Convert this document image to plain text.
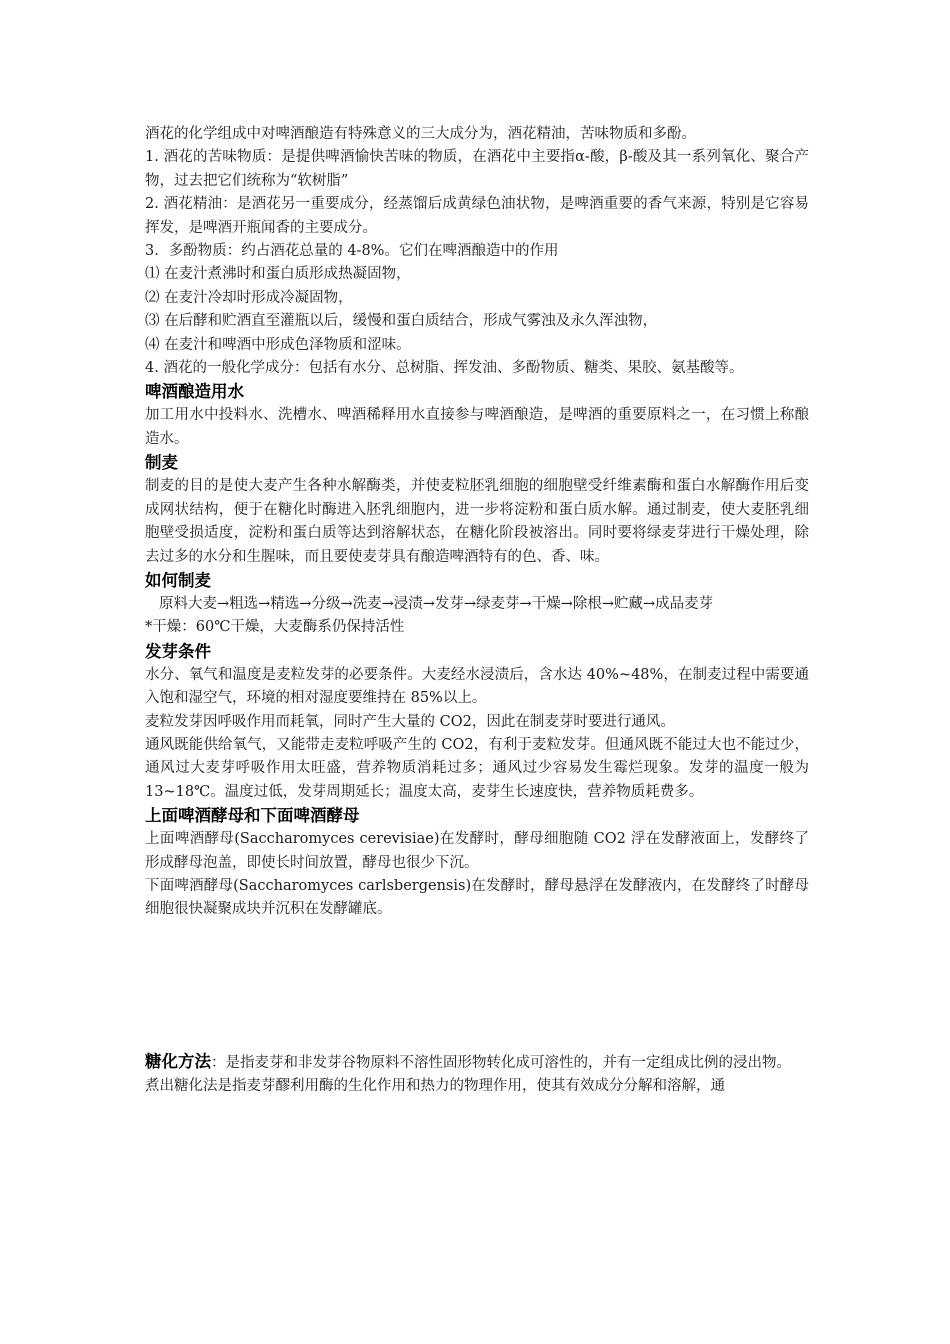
酒花的化学组成中对啤酒酿造有特殊意义的三大成分为，酒花精油，苦味物质和多酚。

1. 酒花的苦味物质：是提供啤酒愉快苦味的物质，在酒花中主要指α-酸，β-酸及其一系列氧化、聚合产物，过去把它们统称为“软树脂”

2. 酒花精油：是酒花另一重要成分，经蒸馏后成黄绿色油状物，是啤酒重要的香气来源，特别是它容易挥发，是啤酒开瓶闻香的主要成分。

3．多酚物质：约占酒花总量的 4-8%。它们在啤酒酿造中的作用

⑴ 在麦汁煮沸时和蛋白质形成热凝固物，

⑵ 在麦汁冷却时形成冷凝固物，

⑶ 在后酵和贮酒直至灌瓶以后，缓慢和蛋白质结合，形成气雾浊及永久浑浊物，

⑷ 在麦汁和啤酒中形成色泽物质和涩味。

4. 酒花的一般化学成分：包括有水分、总树脂、挥发油、多酚物质、糖类、果胶、氨基酸等。

啤酒酿造用水

加工用水中投料水、洗槽水、啤酒稀释用水直接参与啤酒酿造，是啤酒的重要原料之一，在习惯上称酿造水。

制麦

制麦的目的是使大麦产生各种水解酶类，并使麦粒胚乳细胞的细胞壁受纤维素酶和蛋白水解酶作用后变成网状结构，便于在糖化时酶进入胚乳细胞内，进一步将淀粉和蛋白质水解。通过制麦，使大麦胚乳细胞壁受损适度，淀粉和蛋白质等达到溶解状态，在糖化阶段被溶出。同时要将绿麦芽进行干燥处理，除去过多的水分和生腥味，而且要使麦芽具有酿造啤酒特有的色、香、味。

如何制麦

原料大麦→粗选→精选→分级→洗麦→浸渍→发芽→绿麦芽→干燥→除根→贮藏→成品麦芽

*干燥：60℃干燥，大麦酶系仍保持活性

发芽条件

水分、氧气和温度是麦粒发芽的必要条件。大麦经水浸渍后，含水达 40%~48%，在制麦过程中需要通入饱和湿空气，环境的相对湿度要维持在 85%以上。

麦粒发芽因呼吸作用而耗氧，同时产生大量的 CO2，因此在制麦芽时要进行通风。

通风既能供给氧气，又能带走麦粒呼吸产生的 CO2，有利于麦粒发芽。但通风既不能过大也不能过少，通风过大麦芽呼吸作用太旺盛，营养物质消耗过多；通风过少容易发生霉烂现象。发芽的温度一般为 13~18℃。温度过低，发芽周期延长；温度太高，麦芽生长速度快，营养物质耗费多。

上面啤酒酵母和下面啤酒酵母

上面啤酒酵母(Saccharomyces cerevisiae)在发酵时，酵母细胞随 CO2 浮在发酵液面上，发酵终了形成酵母泡盖，即使长时间放置，酵母也很少下沉。

下面啤酒酵母(Saccharomyces carlsbergensis)在发酵时，酵母悬浮在发酵液内，在发酵终了时酵母细胞很快凝聚成块并沉积在发酵罐底。

糖化方法：是指麦芽和非发芽谷物原料不溶性固形物转化成可溶性的，并有一定组成比例的浸出物。

煮出糖化法是指麦芽醪利用酶的生化作用和热力的物理作用，使其有效成分分解和溶解，通
